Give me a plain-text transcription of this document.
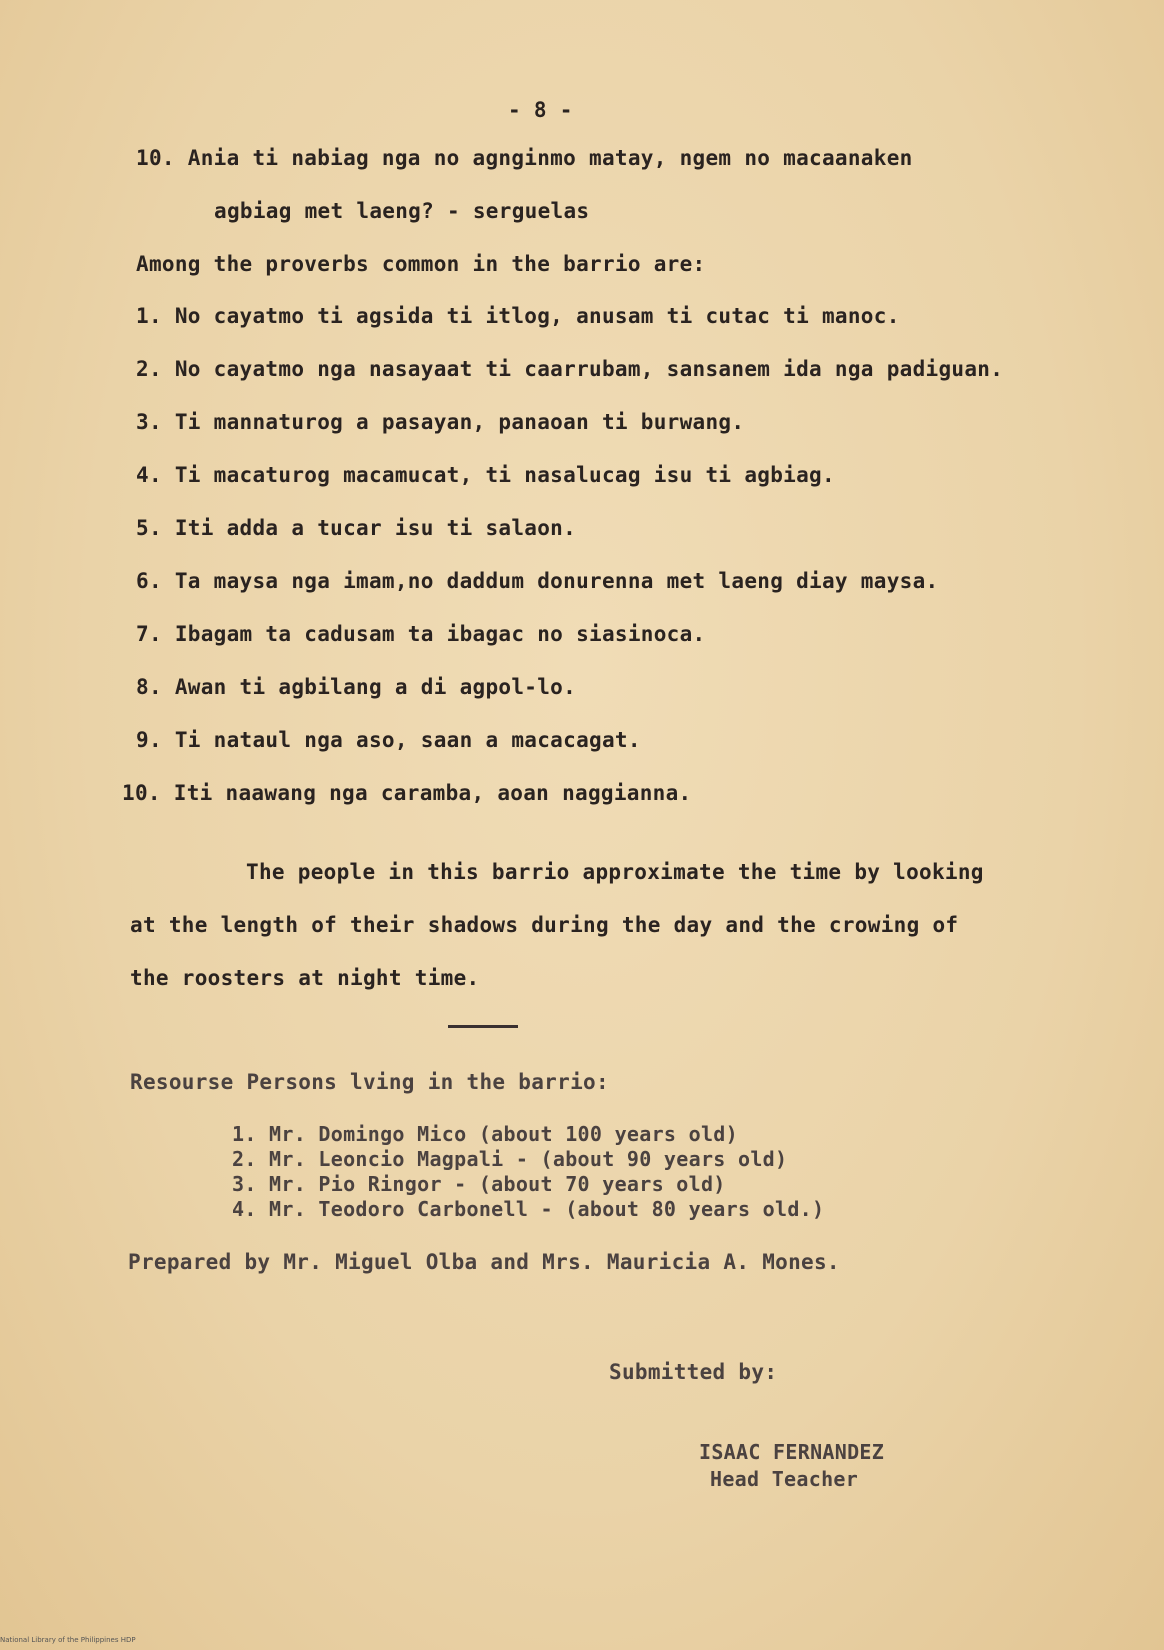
- 8 -
10. Ania ti nabiag nga no agnginmo matay, ngem no macaanaken
agbiag met laeng? - serguelas
Among the proverbs common in the barrio are:
1. No cayatmo ti agsida ti itlog, anusam ti cutac ti manoc.
2. No cayatmo nga nasayaat ti caarrubam, sansanem ida nga padiguan.
3. Ti mannaturog a pasayan, panaoan ti burwang.
4. Ti macaturog macamucat, ti nasalucag isu ti agbiag.
5. Iti adda a tucar isu ti salaon.
6. Ta maysa nga imam,no daddum donurenna met laeng diay maysa.
7. Ibagam ta cadusam ta ibagac no siasinoca.
8. Awan ti agbilang a di agpol-lo.
9. Ti nataul nga aso, saan a macacagat.
10. Iti naawang nga caramba, aoan naggianna.
The people in this barrio approximate the time by looking
at the length of their shadows during the day and the crowing of
the roosters at night time.
Resourse Persons lving in the barrio:
1. Mr. Domingo Mico (about 100 years old)
2. Mr. Leoncio Magpali - (about 90 years old)
3. Mr. Pio Ringor - (about 70 years old)
4. Mr. Teodoro Carbonell - (about 80 years old.)
Prepared by Mr. Miguel Olba and Mrs. Mauricia A. Mones.
Submitted by:
ISAAC FERNANDEZ
Head Teacher
National Library of the Philippines HDP
